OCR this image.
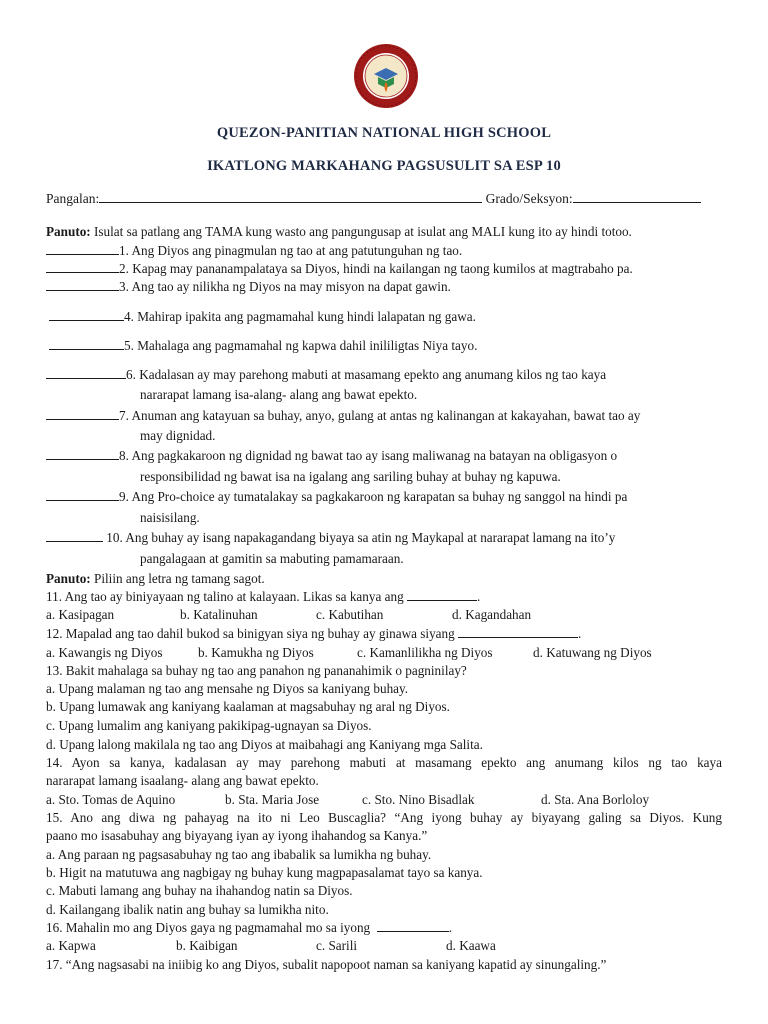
QUEZON-PANITIAN NATIONAL HIGH SCHOOL
IKATLONG MARKAHANG PAGSUSULIT SA ESP 10
Pangalan:	Grado/Seksyon:
Panuto: Isulat sa patlang ang TAMA kung wasto ang pangungusap at isulat ang MALI kung ito ay hindi totoo.
1. Ang Diyos ang pinagmulan ng tao at ang patutunguhan ng tao.
2. Kapag may pananampalataya sa Diyos, hindi na kailangan ng taong kumilos at magtrabaho pa.
3. Ang tao ay nilikha ng Diyos na may misyon na dapat gawin.
4. Mahirap ipakita ang pagmamahal kung hindi lalapatan ng gawa.
5. Mahalaga ang pagmamahal ng kapwa dahil inililigtas Niya tayo.
6. Kadalasan ay may parehong mabuti at masamang epekto ang anumang kilos ng tao kaya
nararapat lamang isa-alang- alang ang bawat epekto.
7. Anuman ang katayuan sa buhay, anyo, gulang at antas ng kalinangan at kakayahan, bawat tao ay
may dignidad.
8. Ang pagkakaroon ng dignidad ng bawat tao ay isang maliwanag na batayan na obligasyon o
responsibilidad ng bawat isa na igalang ang sariling buhay at buhay ng kapuwa.
9. Ang Pro-choice ay tumatalakay sa pagkakaroon ng karapatan sa buhay ng sanggol na hindi pa
naisisilang.
10. Ang buhay ay isang napakagandang biyaya sa atin ng Maykapal at nararapat lamang na ito’y
pangalagaan at gamitin sa mabuting pamamaraan.
Panuto: Piliin ang letra ng tamang sagot.
11. Ang tao ay biniyayaan ng talino at kalayaan. Likas sa kanya ang	.
a. Kasipagan	b. Katalinuhan	c. Kabutihan	d. Kagandahan
12. Mapalad ang tao dahil bukod sa binigyan siya ng buhay ay ginawa siyang	.
a. Kawangis ng Diyos	b. Kamukha ng Diyos	c. Kamanlilikha ng Diyos	d. Katuwang ng Diyos
13. Bakit mahalaga sa buhay ng tao ang panahon ng pananahimik o pagninilay?
a. Upang malaman ng tao ang mensahe ng Diyos sa kaniyang buhay.
b. Upang lumawak ang kaniyang kaalaman at magsabuhay ng aral ng Diyos.
c. Upang lumalim ang kaniyang pakikipag-ugnayan sa Diyos.
d. Upang lalong makilala ng tao ang Diyos at maibahagi ang Kaniyang mga Salita.
14. Ayon sa kanya, kadalasan ay may parehong mabuti at masamang epekto ang anumang kilos ng tao kaya
nararapat lamang isaalang- alang ang bawat epekto.
a. Sto. Tomas de Aquino	b. Sta. Maria Jose	c. Sto. Nino Bisadlak	d. Sta. Ana Borloloy
15. Ano ang diwa ng pahayag na ito ni Leo Buscaglia? “Ang iyong buhay ay biyayang galing sa Diyos. Kung
paano mo isasabuhay ang biyayang iyan ay iyong ihahandog sa Kanya.”
a. Ang paraan ng pagsasabuhay ng tao ang ibabalik sa lumikha ng buhay.
b. Higit na matutuwa ang nagbigay ng buhay kung magpapasalamat tayo sa kanya.
c. Mabuti lamang ang buhay na ihahandog natin sa Diyos.
d. Kailangang ibalik natin ang buhay sa lumikha nito.
16. Mahalin mo ang Diyos gaya ng pagmamahal mo sa iyong	.
a. Kapwa	b. Kaibigan	c. Sarili	d. Kaawa
17. “Ang nagsasabi na iniibig ko ang Diyos, subalit napopoot naman sa kaniyang kapatid ay sinungaling.”
